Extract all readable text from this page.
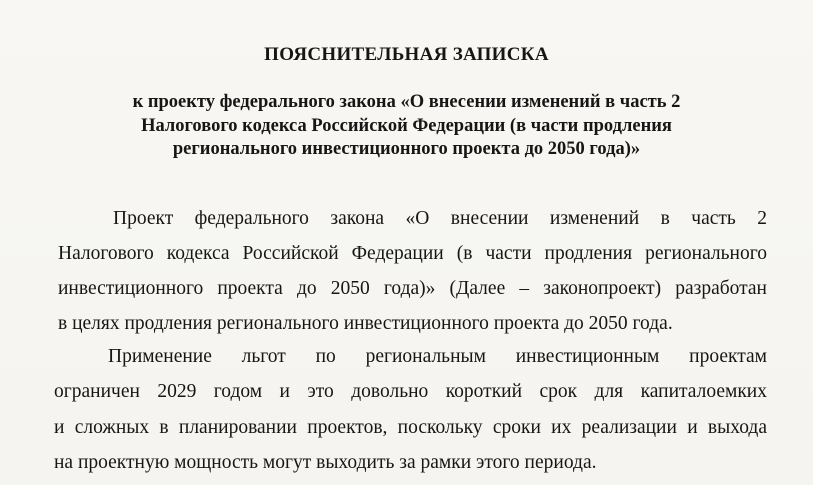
ПОЯСНИТЕЛЬНАЯ ЗАПИСКА
к проекту федерального закона «О внесении изменений в часть 2
Налогового кодекса Российской Федерации (в части продления
регионального инвестиционного проекта до 2050 года)»
Проект федерального закона «О внесении изменений в часть 2
Налогового кодекса Российской Федерации (в части продления регионального
инвестиционного проекта до 2050 года)» (Далее – законопроект) разработан
в целях продления регионального инвестиционного проекта до 2050 года.
Применение льгот по региональным инвестиционным проектам
ограничен 2029 годом и это довольно короткий срок для капиталоемких
и сложных в планировании проектов, поскольку сроки их реализации и выхода
на проектную мощность могут выходить за рамки этого периода.
